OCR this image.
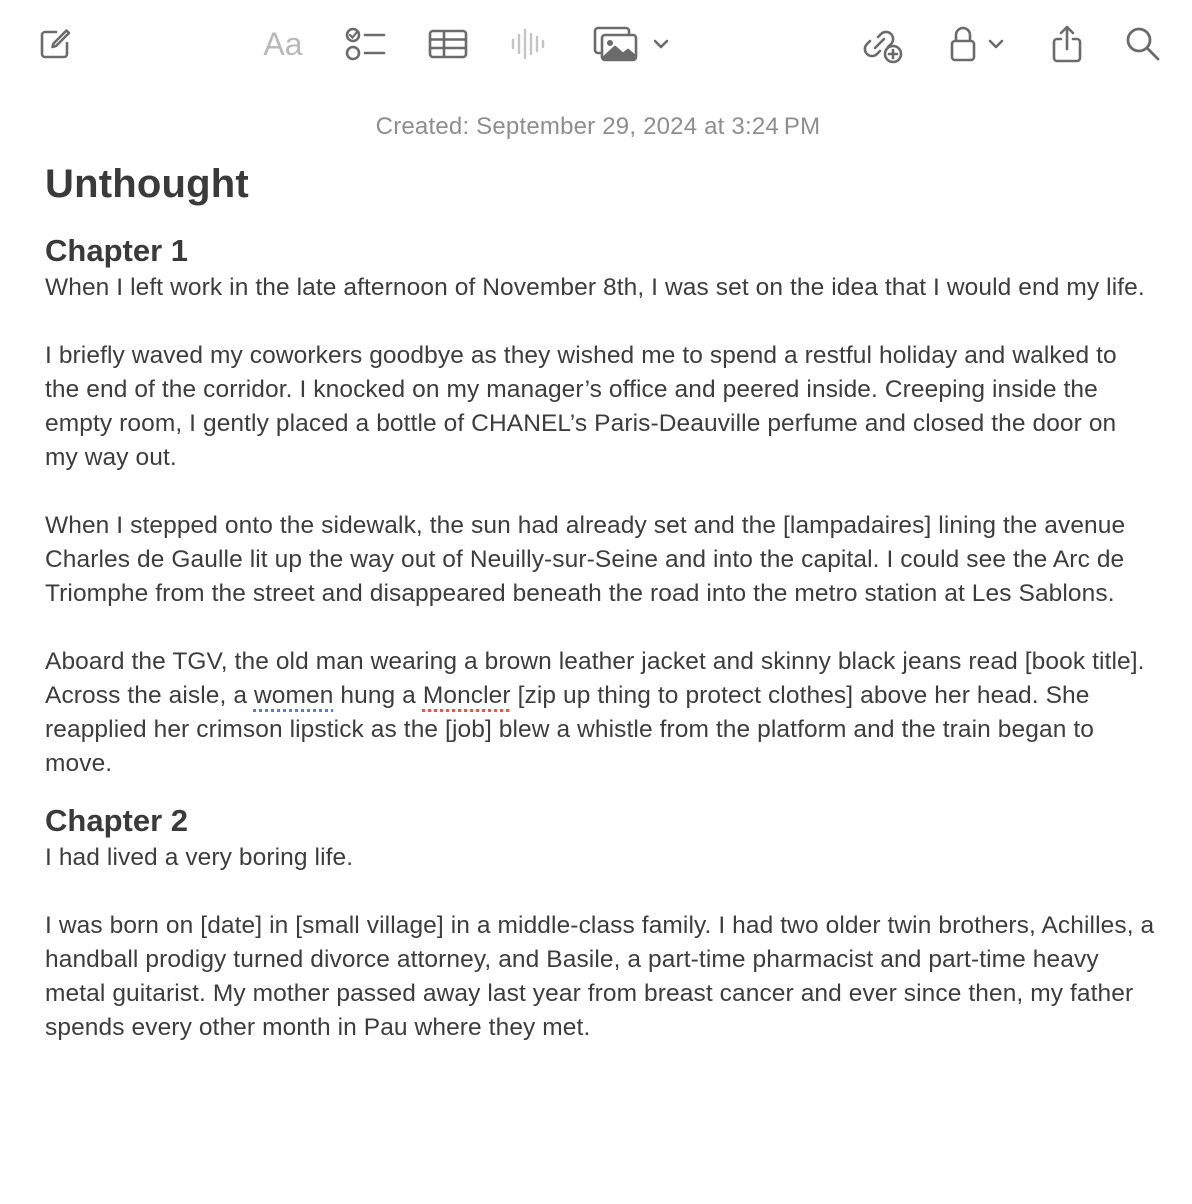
Aa
Created: September 29, 2024 at 3:24 PM
Unthought
Chapter 1

When I left work in the late afternoon of November 8th, I was set on the idea that I would end my life.

I briefly waved my coworkers goodbye as they wished me to spend a restful holiday and walked to the end of the corridor. I knocked on my manager’s office and peered inside. Creeping inside the empty room, I gently placed a bottle of CHANEL’s Paris-Deauville perfume and closed the door on my way out.

When I stepped onto the sidewalk, the sun had already set and the [lampadaires] lining the avenue Charles de Gaulle lit up the way out of Neuilly-sur-Seine and into the capital. I could see the Arc de Triomphe from the street and disappeared beneath the road into the metro station at Les Sablons.

Aboard the TGV, the old man wearing a brown leather jacket and skinny black jeans read [book title]. Across the aisle, a women hung a Moncler [zip up thing to protect clothes] above her head. She reapplied her crimson lipstick as the [job] blew a whistle from the platform and the train began to move.

Chapter 2

I had lived a very boring life.

I was born on [date] in [small village] in a middle-class family. I had two older twin brothers, Achilles, a handball prodigy turned divorce attorney, and Basile, a part-time pharmacist and part-time heavy metal guitarist. My mother passed away last year from breast cancer and ever since then, my father spends every other month in Pau where they met.
